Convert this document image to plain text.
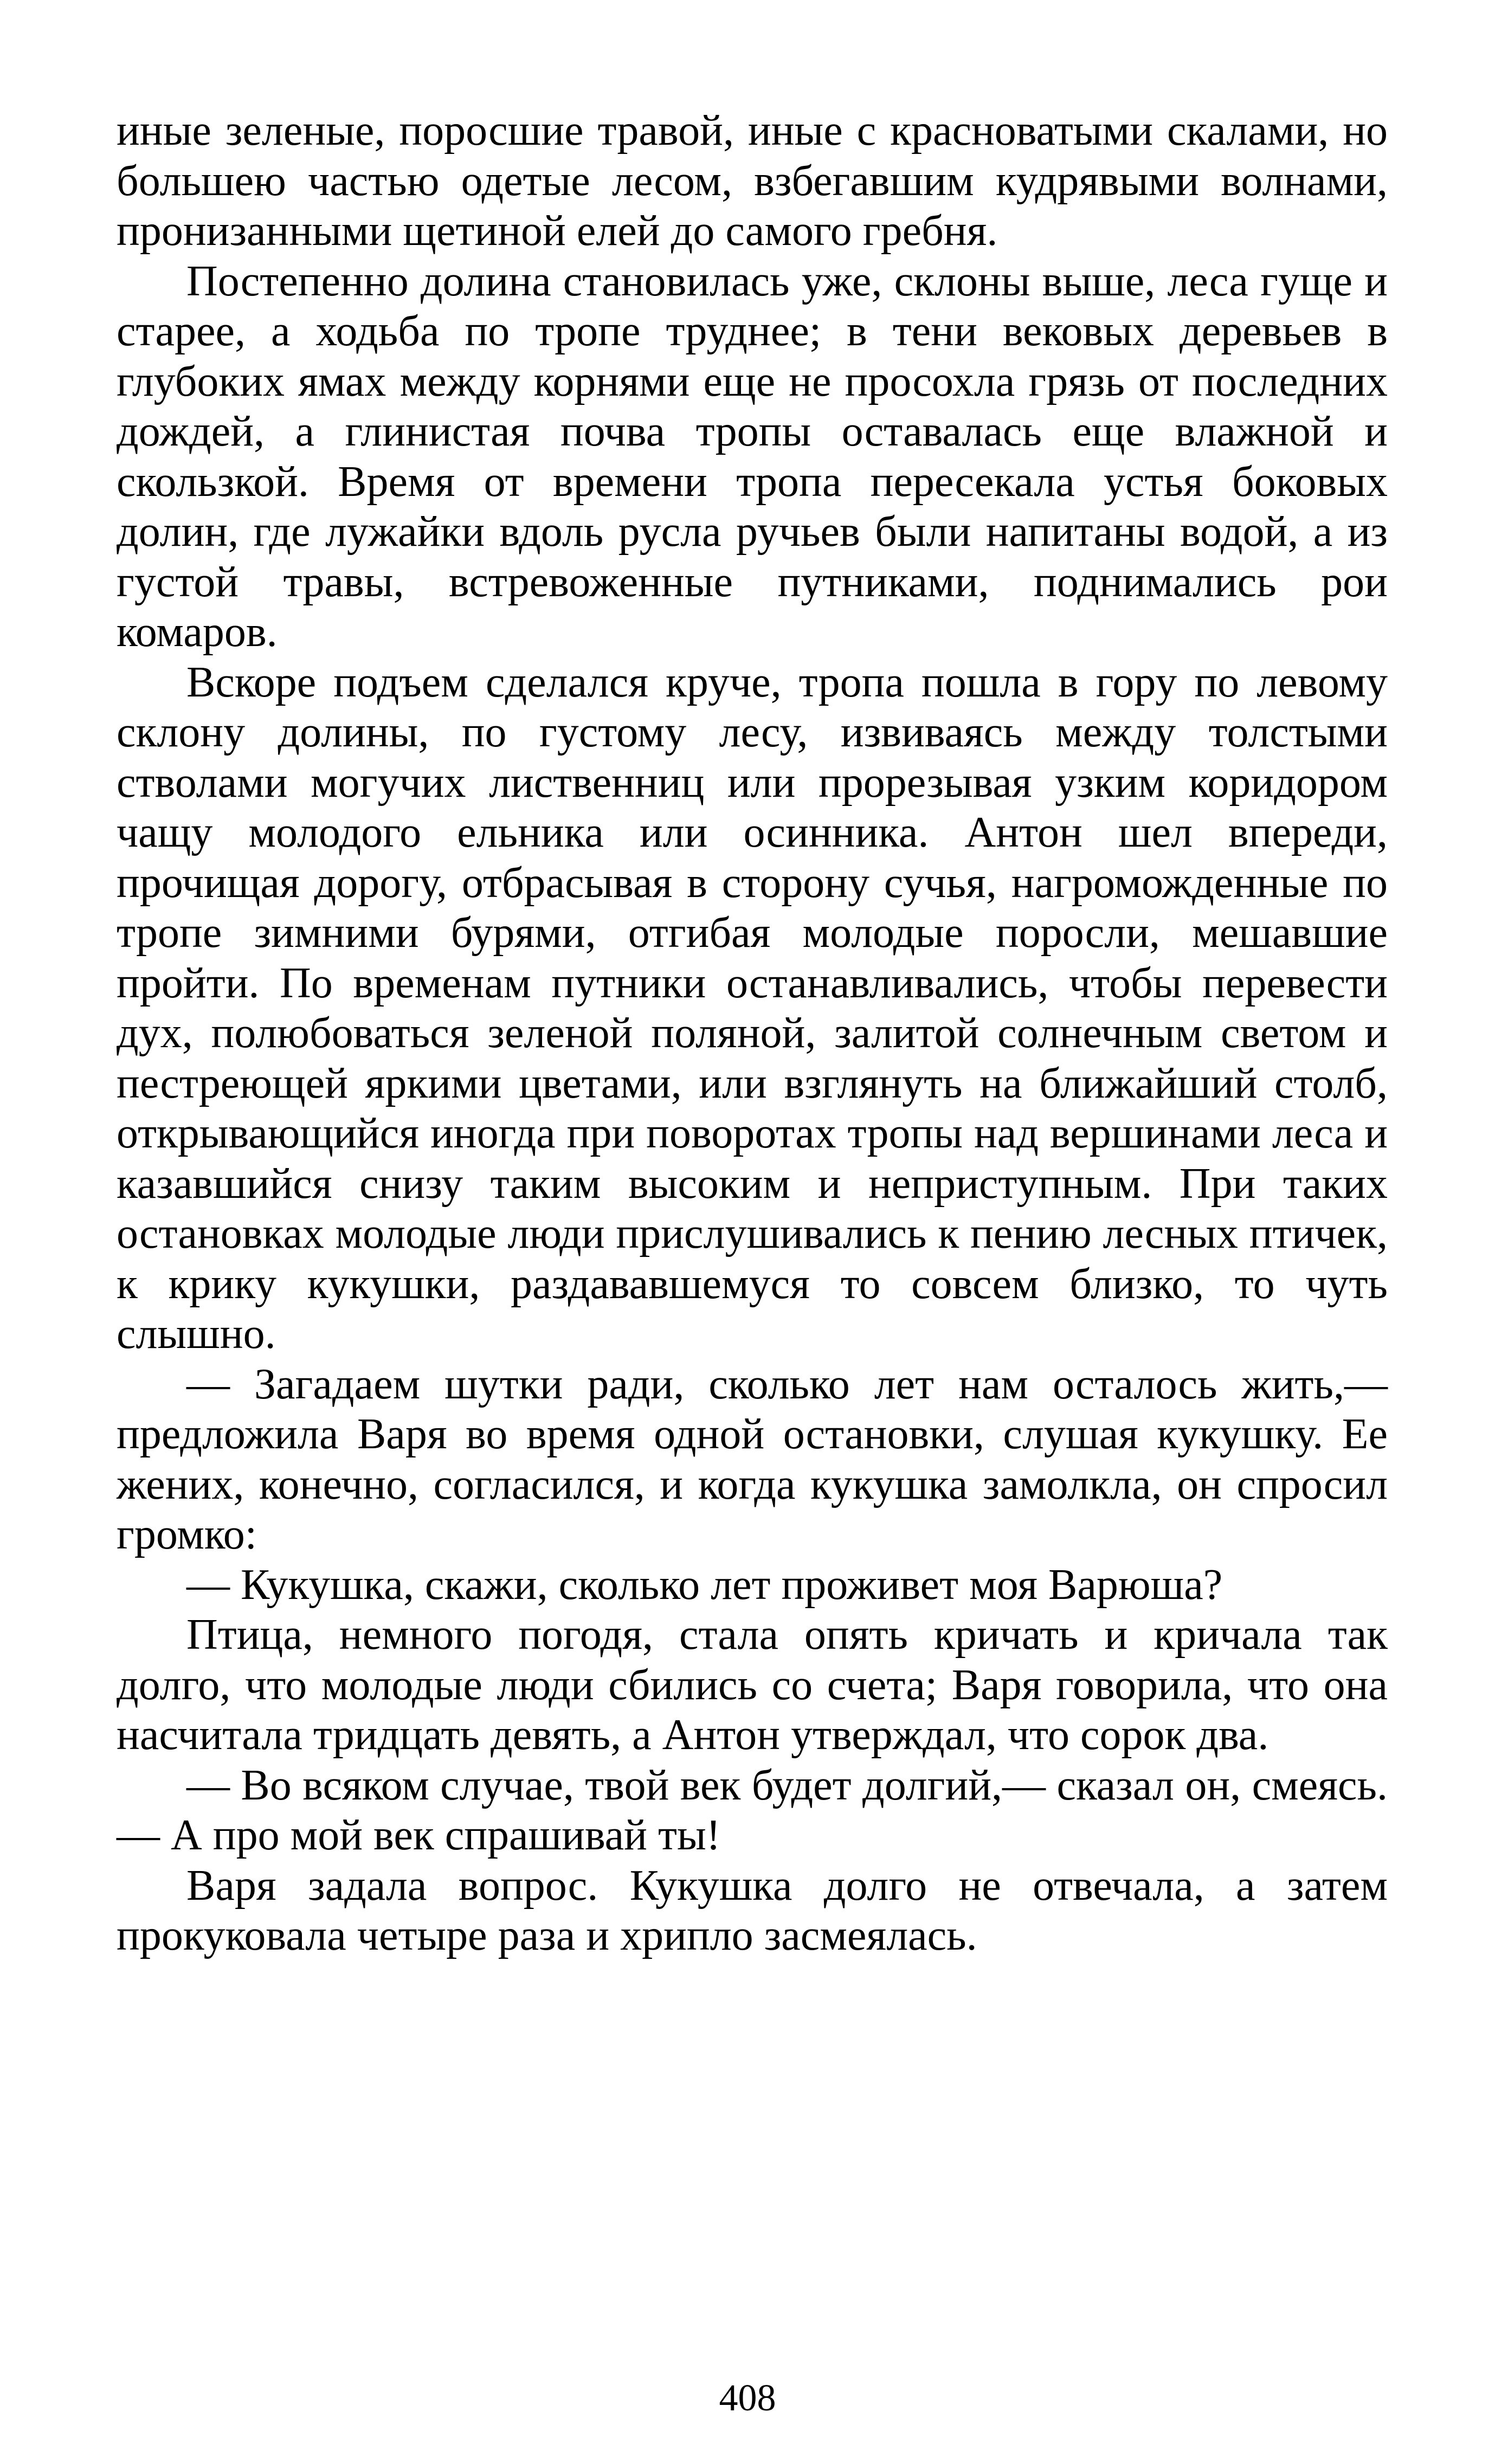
иные зеленые, поросшие травой, иные с красноватыми скалами, но большею частью одетые лесом, взбегавшим кудрявыми волнами, пронизанными щетиной елей до самого гребня.

Постепенно долина становилась уже, склоны выше, леса гуще и старее, а ходьба по тропе труднее; в тени вековых деревьев в глубоких ямах между корнями еще не просохла грязь от последних дождей, а глинистая почва тропы оставалась еще влажной и скользкой. Время от времени тропа пересекала устья боковых долин, где лужайки вдоль русла ручьев были напитаны водой, а из густой травы, встревоженные путниками, поднимались рои комаров.

Вскоре подъем сделался круче, тропа пошла в гору по левому склону долины, по густому лесу, извиваясь между толстыми стволами могучих лиственниц или прорезывая узким коридором чащу молодого ельника или осинника. Антон шел впереди, прочищая дорогу, отбрасывая в сторону сучья, нагроможденные по тропе зимними бурями, отгибая молодые поросли, мешавшие пройти. По временам путники останавливались, чтобы перевести дух, полюбоваться зеленой поляной, залитой солнечным светом и пестреющей яркими цветами, или взглянуть на ближайший столб, открывающийся иногда при поворотах тропы над вершинами леса и казавшийся снизу таким высоким и неприступным. При таких остановках молодые люди прислушивались к пению лесных птичек, к крику кукушки, раздававшемуся то совсем близко, то чуть слышно.

— Загадаем шутки ради, сколько лет нам осталось жить,— предложила Варя во время одной остановки, слушая кукушку. Ее жених, конечно, согласился, и когда кукушка замолкла, он спросил громко:

— Кукушка, скажи, сколько лет проживет моя Варюша?

Птица, немного погодя, стала опять кричать и кричала так долго, что молодые люди сбились со счета; Варя говорила, что она насчитала тридцать девять, а Антон утверждал, что сорок два.

— Во всяком случае, твой век будет долгий,— сказал он, смеясь.— А про мой век спрашивай ты!

Варя задала вопрос. Кукушка долго не отвечала, а затем прокуковала четыре раза и хрипло засмеялась.

408
